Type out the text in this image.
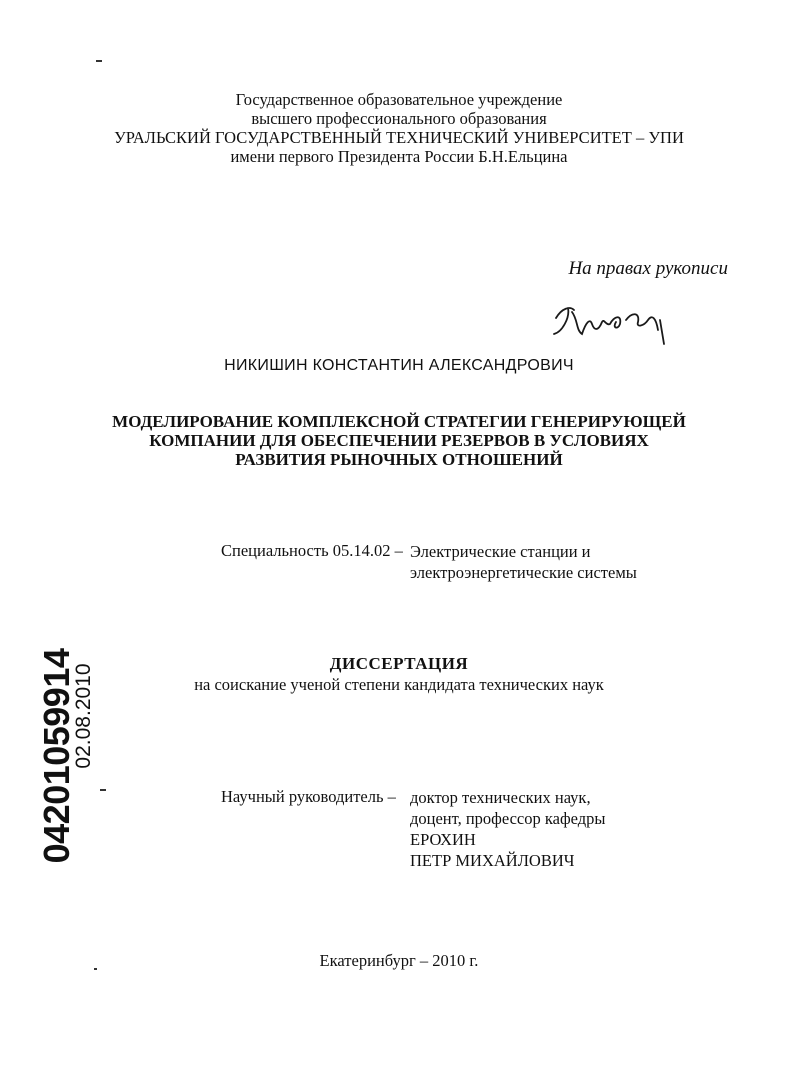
Государственное образовательное учреждение
высшего профессионального образования
УРАЛЬСКИЙ ГОСУДАРСТВЕННЫЙ ТЕХНИЧЕСКИЙ УНИВЕРСИТЕТ – УПИ
имени первого Президента России Б.Н.Ельцина
На правах рукописи
НИКИШИН КОНСТАНТИН АЛЕКСАНДРОВИЧ
МОДЕЛИРОВАНИЕ КОМПЛЕКСНОЙ СТРАТЕГИИ ГЕНЕРИРУЮЩЕЙ
КОМПАНИИ ДЛЯ ОБЕСПЕЧЕНИИ РЕЗЕРВОВ В УСЛОВИЯХ
РАЗВИТИЯ РЫНОЧНЫХ ОТНОШЕНИЙ
Специальность 05.14.02 – Электрические станции и
электроэнергетические системы
ДИССЕРТАЦИЯ
на соискание ученой степени кандидата технических наук
Научный руководитель – доктор технических наук,
доцент, профессор кафедры
ЕРОХИН
ПЕТР МИХАЙЛОВИЧ
Екатеринбург – 2010 г.
04201059914
02.08.2010
